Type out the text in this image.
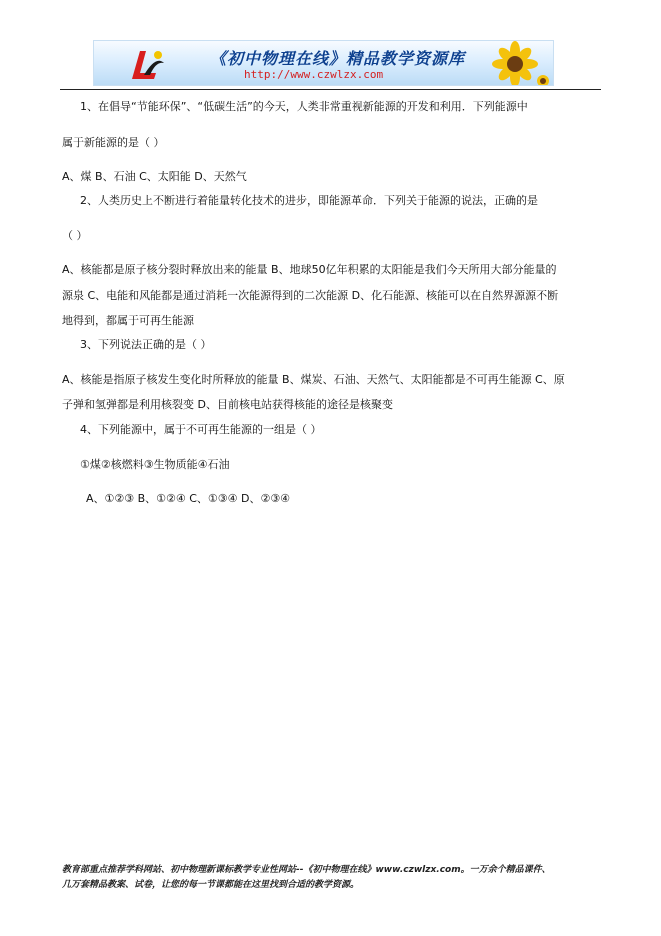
《初中物理在线》精品教学资源库
http://www.czwlzx.com
1、在倡导“节能环保”、“低碳生活”的今天，人类非常重视新能源的开发和利用．下列能源中
属于新能源的是（ ）
A、煤 B、石油 C、太阳能 D、天然气
2、人类历史上不断进行着能量转化技术的进步，即能源革命．下列关于能源的说法，正确的是
（ ）
A、核能都是原子核分裂时释放出来的能量 B、地球50亿年积累的太阳能是我们今天所用大部分能量的
源泉 C、电能和风能都是通过消耗一次能源得到的二次能源 D、化石能源、核能可以在自然界源源不断
地得到，都属于可再生能源
3、下列说法正确的是（ ）
A、核能是指原子核发生变化时所释放的能量 B、煤炭、石油、天然气、太阳能都是不可再生能源 C、原
子弹和氢弹都是利用核裂变 D、目前核电站获得核能的途径是核聚变
4、下列能源中，属于不可再生能源的一组是（ ）
①煤②核燃料③生物质能④石油
A、①②③ B、①②④ C、①③④ D、②③④
教育部重点推荐学科网站、初中物理新课标教学专业性网站--《初中物理在线》www.czwlzx.com。一万余个精品课件、
几万套精品教案、试卷，让您的每一节课都能在这里找到合适的教学资源。
